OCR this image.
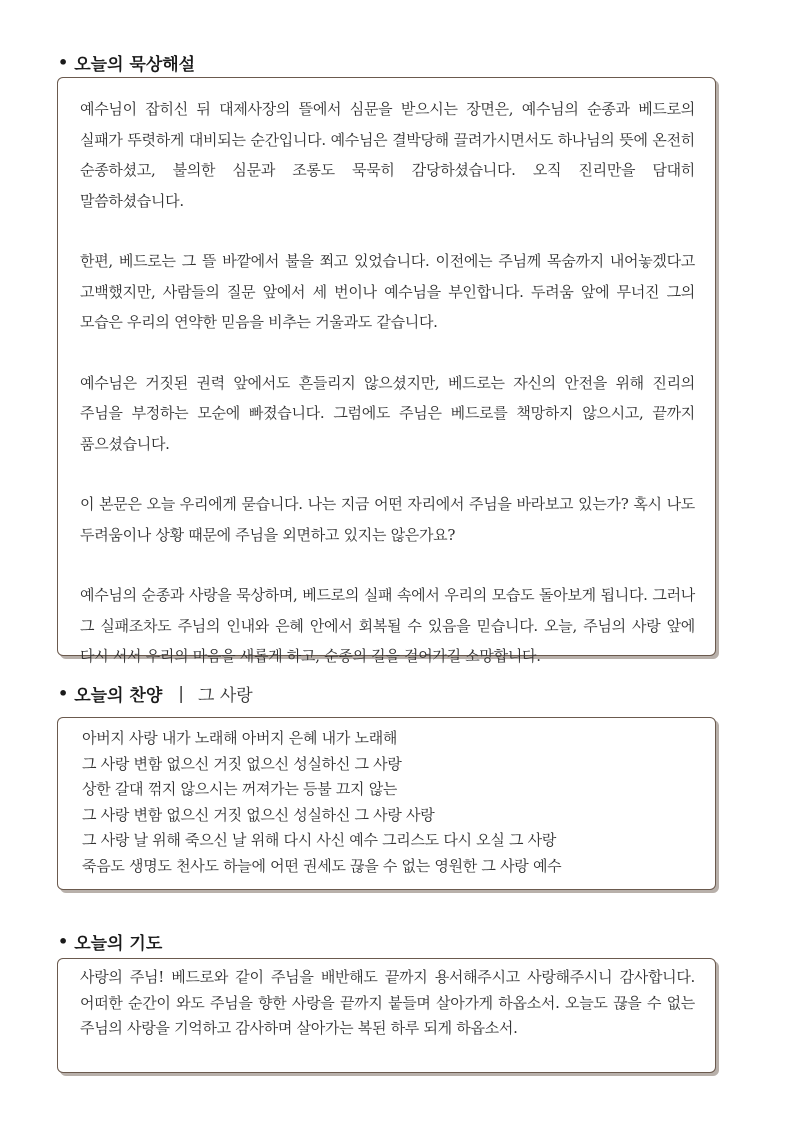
• 오늘의 묵상해설

예수님이 잡히신 뒤 대제사장의 뜰에서 심문을 받으시는 장면은, 예수님의 순종과 베드로의 실패가 뚜렷하게 대비되는 순간입니다. 예수님은 결박당해 끌려가시면서도 하나님의 뜻에 온전히 순종하셨고, 불의한 심문과 조롱도 묵묵히 감당하셨습니다. 오직 진리만을 담대히 말씀하셨습니다.

한편, 베드로는 그 뜰 바깥에서 불을 쬐고 있었습니다. 이전에는 주님께 목숨까지 내어놓겠다고 고백했지만, 사람들의 질문 앞에서 세 번이나 예수님을 부인합니다. 두려움 앞에 무너진 그의 모습은 우리의 연약한 믿음을 비추는 거울과도 같습니다.

예수님은 거짓된 권력 앞에서도 흔들리지 않으셨지만, 베드로는 자신의 안전을 위해 진리의 주님을 부정하는 모순에 빠졌습니다. 그럼에도 주님은 베드로를 책망하지 않으시고, 끝까지 품으셨습니다.

이 본문은 오늘 우리에게 묻습니다. 나는 지금 어떤 자리에서 주님을 바라보고 있는가? 혹시 나도 두려움이나 상황 때문에 주님을 외면하고 있지는 않은가요?

예수님의 순종과 사랑을 묵상하며, 베드로의 실패 속에서 우리의 모습도 돌아보게 됩니다. 그러나 그 실패조차도 주님의 인내와 은혜 안에서 회복될 수 있음을 믿습니다. 오늘, 주님의 사랑 앞에 다시 서서 우리의 마음을 새롭게 하고, 순종의 길을 걸어가길 소망합니다.

• 오늘의 찬양 | 그 사랑

아버지 사랑 내가 노래해 아버지 은혜 내가 노래해

그 사랑 변함 없으신 거짓 없으신 성실하신 그 사랑

상한 갈대 꺾지 않으시는 꺼져가는 등불 끄지 않는

그 사랑 변함 없으신 거짓 없으신 성실하신 그 사랑 사랑

그 사랑 날 위해 죽으신 날 위해 다시 사신 예수 그리스도 다시 오실 그 사랑

죽음도 생명도 천사도 하늘에 어떤 권세도 끊을 수 없는 영원한 그 사랑 예수

• 오늘의 기도

사랑의 주님! 베드로와 같이 주님을 배반해도 끝까지 용서해주시고 사랑해주시니 감사합니다. 어떠한 순간이 와도 주님을 향한 사랑을 끝까지 붙들며 살아가게 하옵소서. 오늘도 끊을 수 없는 주님의 사랑을 기억하고 감사하며 살아가는 복된 하루 되게 하옵소서.
